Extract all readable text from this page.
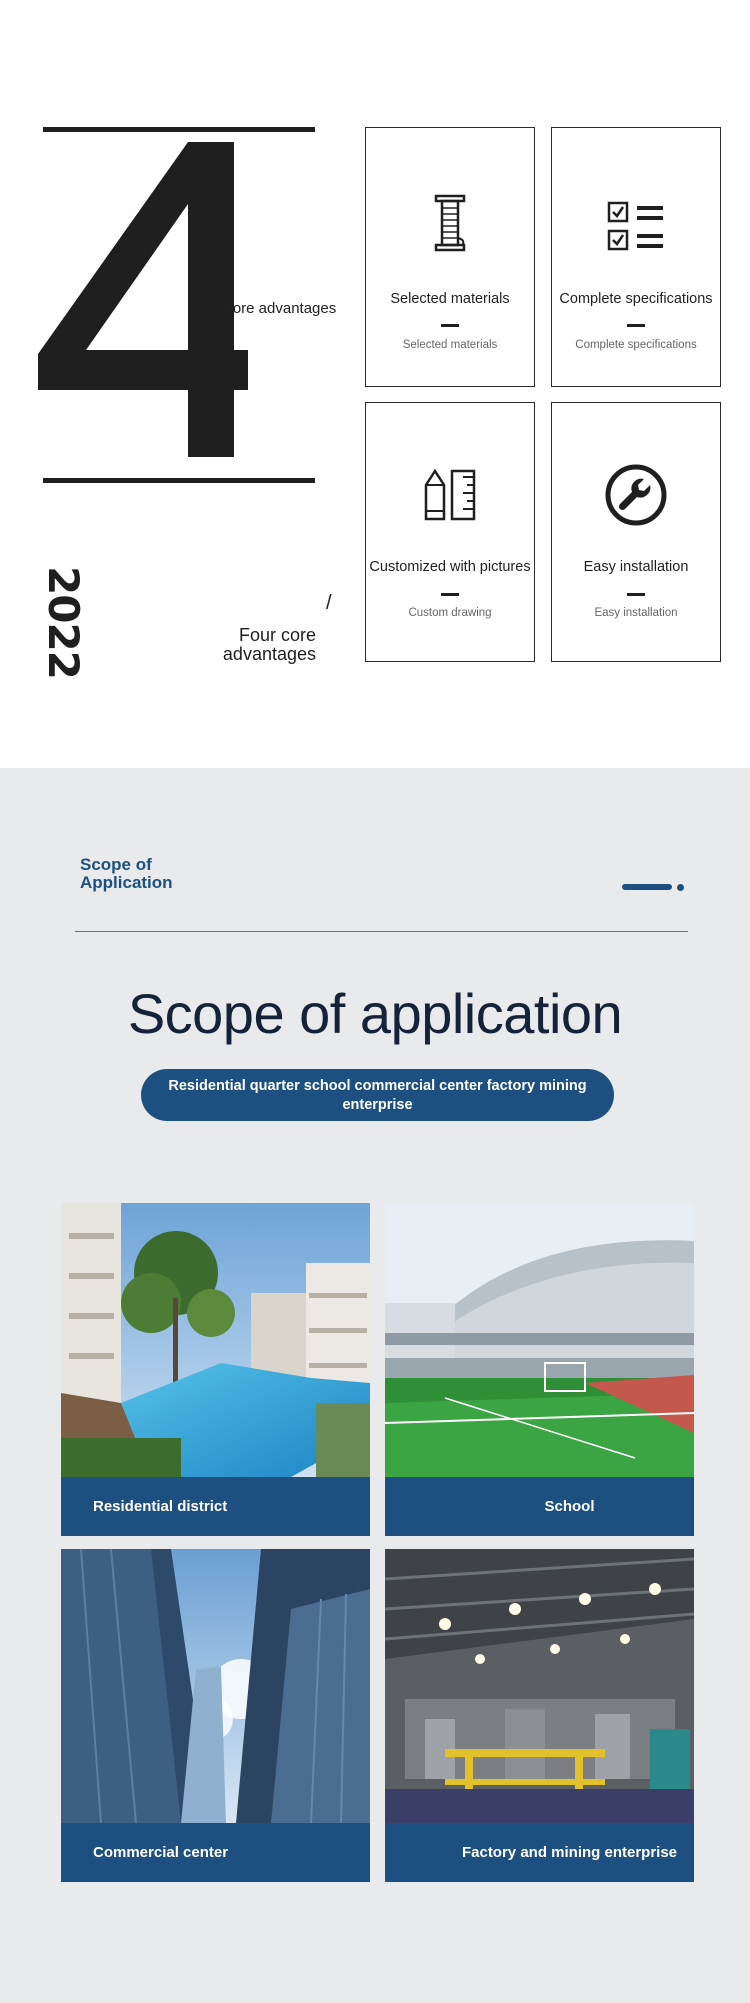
Core advantages
2022	/
Four core
advantages
Selected materials
Selected materials
Complete specifications
Complete specifications
Customized with pictures
Custom drawing
Easy installation
Easy installation
Scope of
Application
Scope of application
Residential quarter school commercial center factory mining enterprise
Residential district	School
Commercial center	Factory and mining enterprise
